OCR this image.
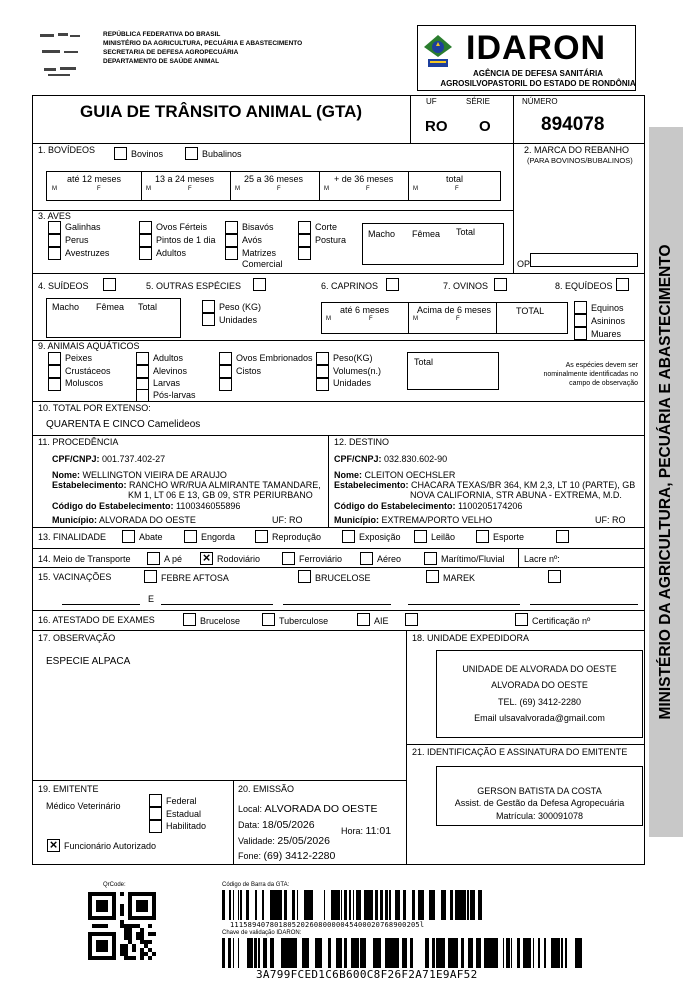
REPÚBLICA FEDERATIVA DO BRASIL
MINISTÉRIO DA AGRICULTURA, PECUÁRIA E ABASTECIMENTO
SECRETARIA DE DEFESA AGROPECUÁRIA
DEPARTAMENTO DE SAÚDE ANIMAL	IDARON
AGÊNCIA DE DEFESA SANITÁRIA
AGROSILVOPASTORIL DO ESTADO DE RONDÔNIA
MINISTÉRIO DA AGRICULTURA, PECUÁRIA E ABASTECIMENTO
GUIA DE TRÂNSITO ANIMAL (GTA)
UF	SÉRIE	NÚMERO
RO O	894078
1. BOVÍDEOS	Bovinos	Bubalinos	2. MARCA DO REBANHO
(PARA BOVINOS/BUBALINOS)
até 12 meses	13 a 24 meses	25 a 36 meses	+ de 36 meses	total
M	F	M	F	M	F	M	F	M	F
3. AVES
Galinhas
Perus
Avestruzes
Ovos Férteis
Pintos de 1 dia
Adultos
Bisavós
Avós
Matrizes
Comercial
Corte
Postura
Macho Fêmea Total
OP
4. SUÍDEOS	5. OUTRAS ESPÉCIES	6. CAPRINOS	7. OVINOS	8. EQUÍDEOS
Macho Fêmea Total	Peso (KG)
Unidades
até 6 meses	Acima de 6 meses	TOTAL
M	F	M	F
Equinos
Asininos
Muares
9. ANIMAIS AQUÁTICOS
Peixes
Crustáceos
Moluscos
Adultos
Alevinos
Larvas
Pós-larvas
Ovos Embrionados
Cistos
Peso(KG)
Volumes(n.)
Unidades
Total	As espécies devem ser nominalmente identificadas no campo de observação
10. TOTAL POR EXTENSO:
QUARENTA E CINCO Camelideos
11. PROCEDÊNCIA
CPF/CNPJ: 001.737.402-27
Nome: WELLINGTON VIEIRA DE ARAUJO
Estabelecimento: RANCHO WR/RUA ALMIRANTE TAMANDARE,
KM 1, LT 06 E 13, GB 09, STR PERIURBANO
Código do Estabelecimento: 1100346055896
Município: ALVORADA DO OESTE	UF: RO
12. DESTINO
CPF/CNPJ: 032.830.602-90
Nome: CLEITON OECHSLER
Estabelecimento: CHACARA TEXAS/BR 364, KM 2,3, LT 10 (PARTE), GB
NOVA CALIFORNIA, STR ABUNA - EXTREMA, M.D.
Código do Estabelecimento: 1100205174206
Município: EXTREMA/PORTO VELHO	UF: RO
13. FINALIDADE	Abate	Engorda	Reprodução	Exposição	Leilão	Esporte
14. Meio de Transporte	A pé × Rodoviário	Ferroviário	Aéreo	Marítimo/Fluvial Lacre nº:
15. VACINAÇÕES	FEBRE AFTOSA	BRUCELOSE	MAREK
E
16. ATESTADO DE EXAMES	Brucelose	Tuberculose	AIE	Certificação nº
17. OBSERVAÇÃO
ESPECIE ALPACA
18. UNIDADE EXPEDIDORA
UNIDADE DE ALVORADA DO OESTE
ALVORADA DO OESTE
TEL. (69) 3412-2280
Email ulsavalvorada@gmail.com
21. IDENTIFICAÇÃO E ASSINATURA DO EMITENTE
GERSON BATISTA DA COSTA
Assist. de Gestão da Defesa Agropecuária
Matrícula: 300091078
19. EMITENTE
Médico Veterinário	Federal
Estadual
Habilitado
× Funcionário Autorizado
20. EMISSÃO
Local: ALVORADA DO OESTE
Data: 18/05/2026	Hora: 11:01
Validade: 25/05/2026
Fone: (69) 3412-2280
QrCode:	Código de Barra da GTA:
1115894078018052026080000045400020768900205l
Chave de validação IDARON:
3A799FCED1C6B600C8F26F2A71E9AF52
